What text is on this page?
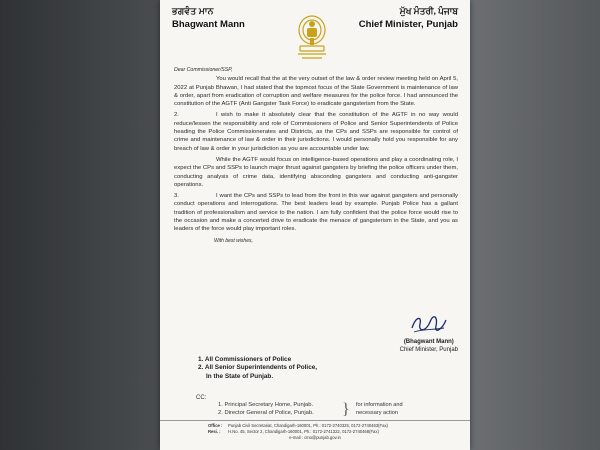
ਭਗਵੰਤ ਮਾਨ
Bhagwant Mann
ਮੁੱਖ ਮੰਤਰੀ, ਪੰਜਾਬ
Chief Minister, Punjab
Dear Commissioner/SSP,

You would recall that the at the very outset of the law & order review meeting held on April 5, 2022 at Punjab Bhawan, I had stated that the topmost focus of the State Government is maintenance of law & order, apart from eradication of corruption and welfare measures for the police force. I had announced the constitution of the AGTF (Anti Gangster Task Force) to eradicate gangsterism from the State.

2.	I wish to make it absolutely clear that the constitution of the AGTF in no way would reduce/lessen the responsibility and role of Commissioners of Police and Senior Superintendents of Police heading the Police Commissionerates and Districts, as the CPs and SSPs are responsible for control of crime and maintenance of law & order in their jurisdictions. I would personally hold you responsible for any breach of law & order in your jurisdiction as you are accountable under law.

While the AGTF would focus on intelligence-based operations and play a coordinating role, I expect the CPs and SSPs to launch major thrust against gangsters by briefing the police officers under them, conducting analysis of crime data, identifying absconding gangsters and conducting anti-gangster operations.

3.	I want the CPs and SSPs to lead from the front in this war against gangsters and personally conduct operations and interrogations. The best leaders lead by example. Punjab Police has a gallant tradition of professionalism and service to the nation. I am fully confident that the police force would rise to the occasion and make a concerted drive to eradicate the menace of gangsterism in the State, and you as leaders of the force would play important roles.

With best wishes,
(Bhagwant Mann)
Chief Minister, Punjab
1. All Commissioners of Police
2. All Senior Superintendents of Police,
In the State of Punjab.
CC:
1. Principal Secretary Home, Punjab.
2. Director General of Police, Punjab. } for information and
necessary action
Office : Punjab Civil Secretariat, Chandigarh-160001, Ph.: 0172-2740325, 0172-2740463(Fax)
Resi. : H.No. 45, Sector 2, Chandigarh-160001, Ph.: 0172-2741322, 0172-2740468(Fax)
e-mail : cmo@punjab.gov.in
